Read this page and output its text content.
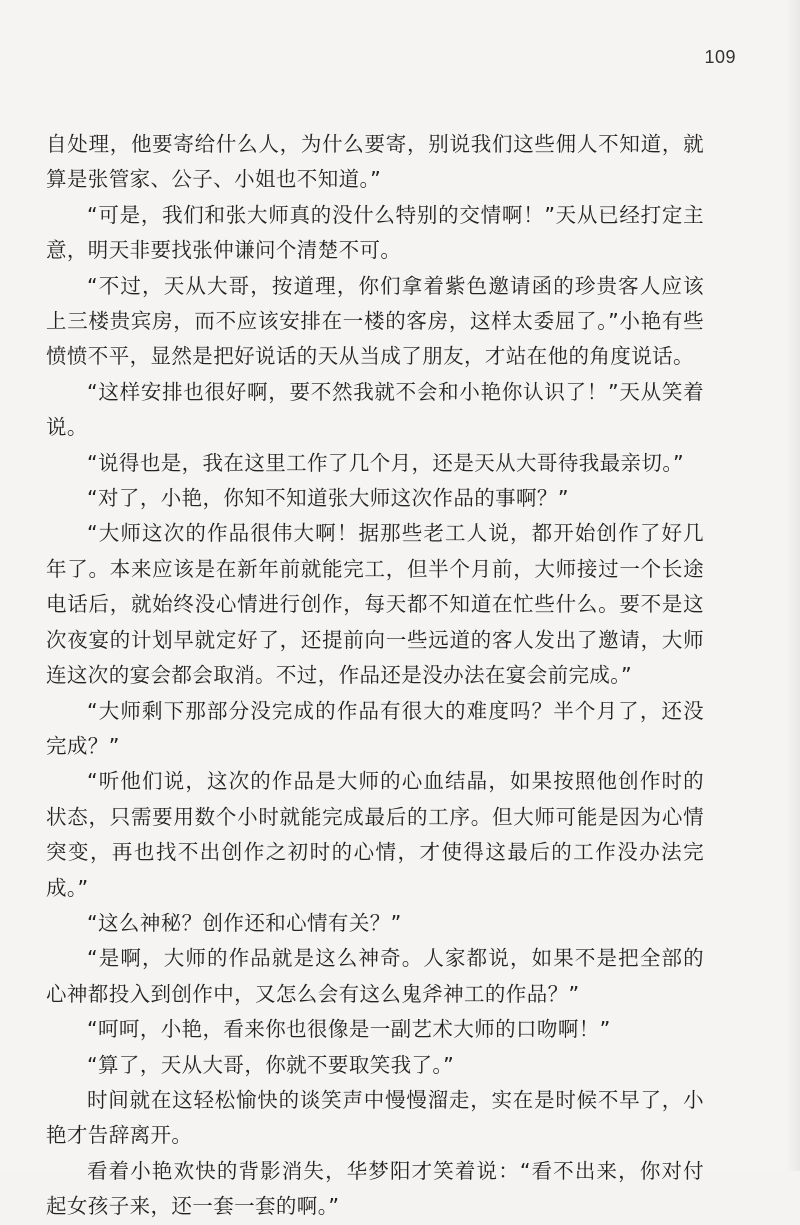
109

自处理，他要寄给什么人，为什么要寄，别说我们这些佣人不知道，就算是张管家、公子、小姐也不知道。”

“可是，我们和张大师真的没什么特别的交情啊！”天从已经打定主意，明天非要找张仲谦问个清楚不可。

“不过，天从大哥，按道理，你们拿着紫色邀请函的珍贵客人应该上三楼贵宾房，而不应该安排在一楼的客房，这样太委屈了。”小艳有些愤愤不平，显然是把好说话的天从当成了朋友，才站在他的角度说话。

“这样安排也很好啊，要不然我就不会和小艳你认识了！”天从笑着说。

“说得也是，我在这里工作了几个月，还是天从大哥待我最亲切。”

“对了，小艳，你知不知道张大师这次作品的事啊？”

“大师这次的作品很伟大啊！据那些老工人说，都开始创作了好几年了。本来应该是在新年前就能完工，但半个月前，大师接过一个长途电话后，就始终没心情进行创作，每天都不知道在忙些什么。要不是这次夜宴的计划早就定好了，还提前向一些远道的客人发出了邀请，大师连这次的宴会都会取消。不过，作品还是没办法在宴会前完成。”

“大师剩下那部分没完成的作品有很大的难度吗？半个月了，还没完成？”

“听他们说，这次的作品是大师的心血结晶，如果按照他创作时的状态，只需要用数个小时就能完成最后的工序。但大师可能是因为心情突变，再也找不出创作之初时的心情，才使得这最后的工作没办法完成。”

“这么神秘？创作还和心情有关？”

“是啊，大师的作品就是这么神奇。人家都说，如果不是把全部的心神都投入到创作中，又怎么会有这么鬼斧神工的作品？”

“呵呵，小艳，看来你也很像是一副艺术大师的口吻啊！”

“算了，天从大哥，你就不要取笑我了。”

时间就在这轻松愉快的谈笑声中慢慢溜走，实在是时候不早了，小艳才告辞离开。

看着小艳欢快的背影消失，华梦阳才笑着说：“看不出来，你对付起女孩子来，还一套一套的啊。”
